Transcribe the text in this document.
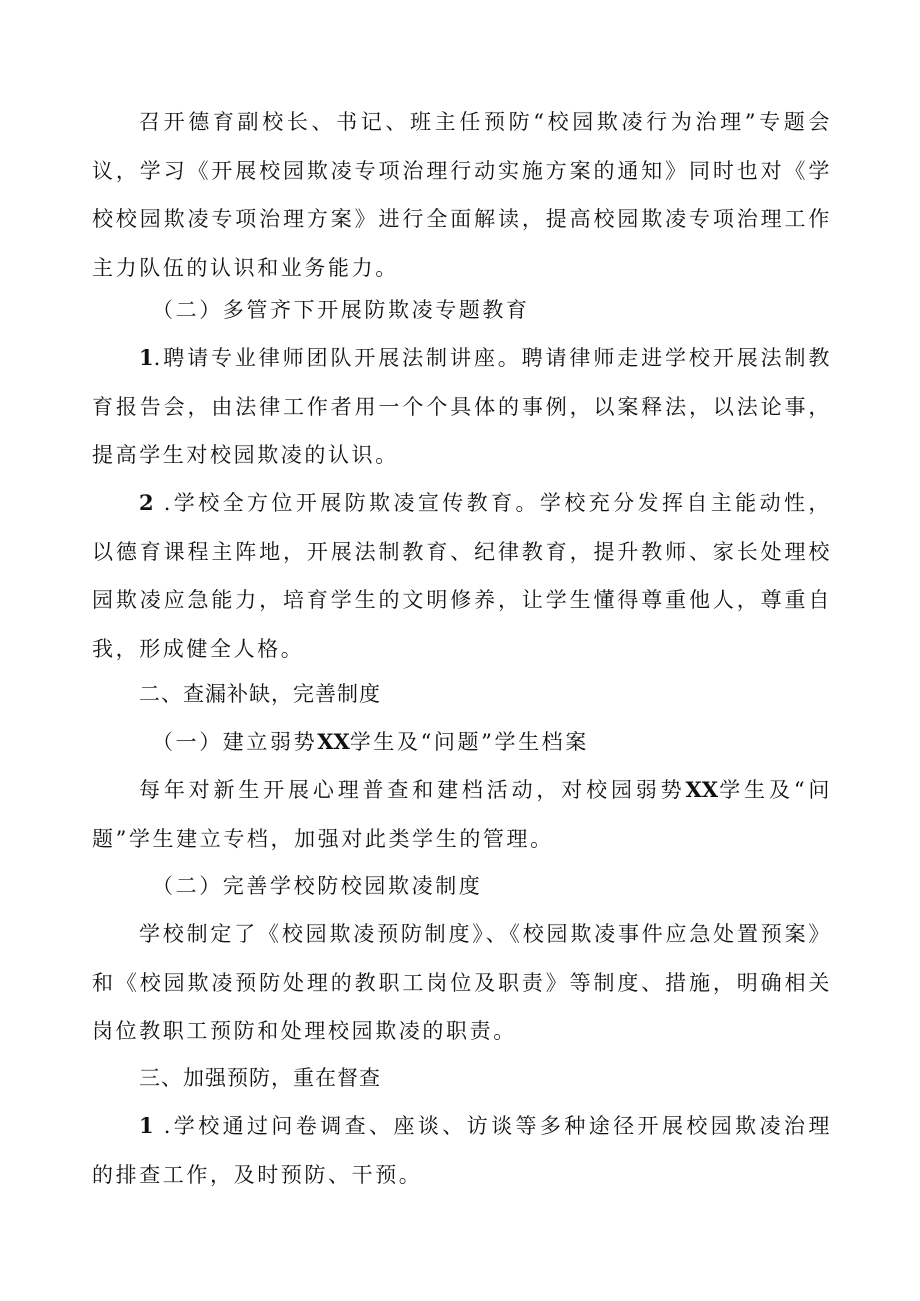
召开德育副校长、书记、班主任预防“校园欺凌行为治理”专题会议，学习《开展校园欺凌专项治理行动实施方案的通知》同时也对《学校校园欺凌专项治理方案》进行全面解读，提高校园欺凌专项治理工作主力队伍的认识和业务能力。
（二）多管齐下开展防欺凌专题教育
1.聘请专业律师团队开展法制讲座。聘请律师走进学校开展法制教育报告会，由法律工作者用一个个具体的事例，以案释法，以法论事，提高学生对校园欺凌的认识。
2 .学校全方位开展防欺凌宣传教育。学校充分发挥自主能动性，以德育课程主阵地，开展法制教育、纪律教育，提升教师、家长处理校园欺凌应急能力，培育学生的文明修养，让学生懂得尊重他人，尊重自我，形成健全人格。
二、查漏补缺，完善制度
（一）建立弱势XX学生及“问题”学生档案
每年对新生开展心理普查和建档活动，对校园弱势XX学生及“问题”学生建立专档，加强对此类学生的管理。
（二）完善学校防校园欺凌制度
学校制定了《校园欺凌预防制度》、《校园欺凌事件应急处置预案》和《校园欺凌预防处理的教职工岗位及职责》等制度、措施，明确相关岗位教职工预防和处理校园欺凌的职责。
三、加强预防，重在督查
1 .学校通过问卷调查、座谈、访谈等多种途径开展校园欺凌治理的排查工作，及时预防、干预。
